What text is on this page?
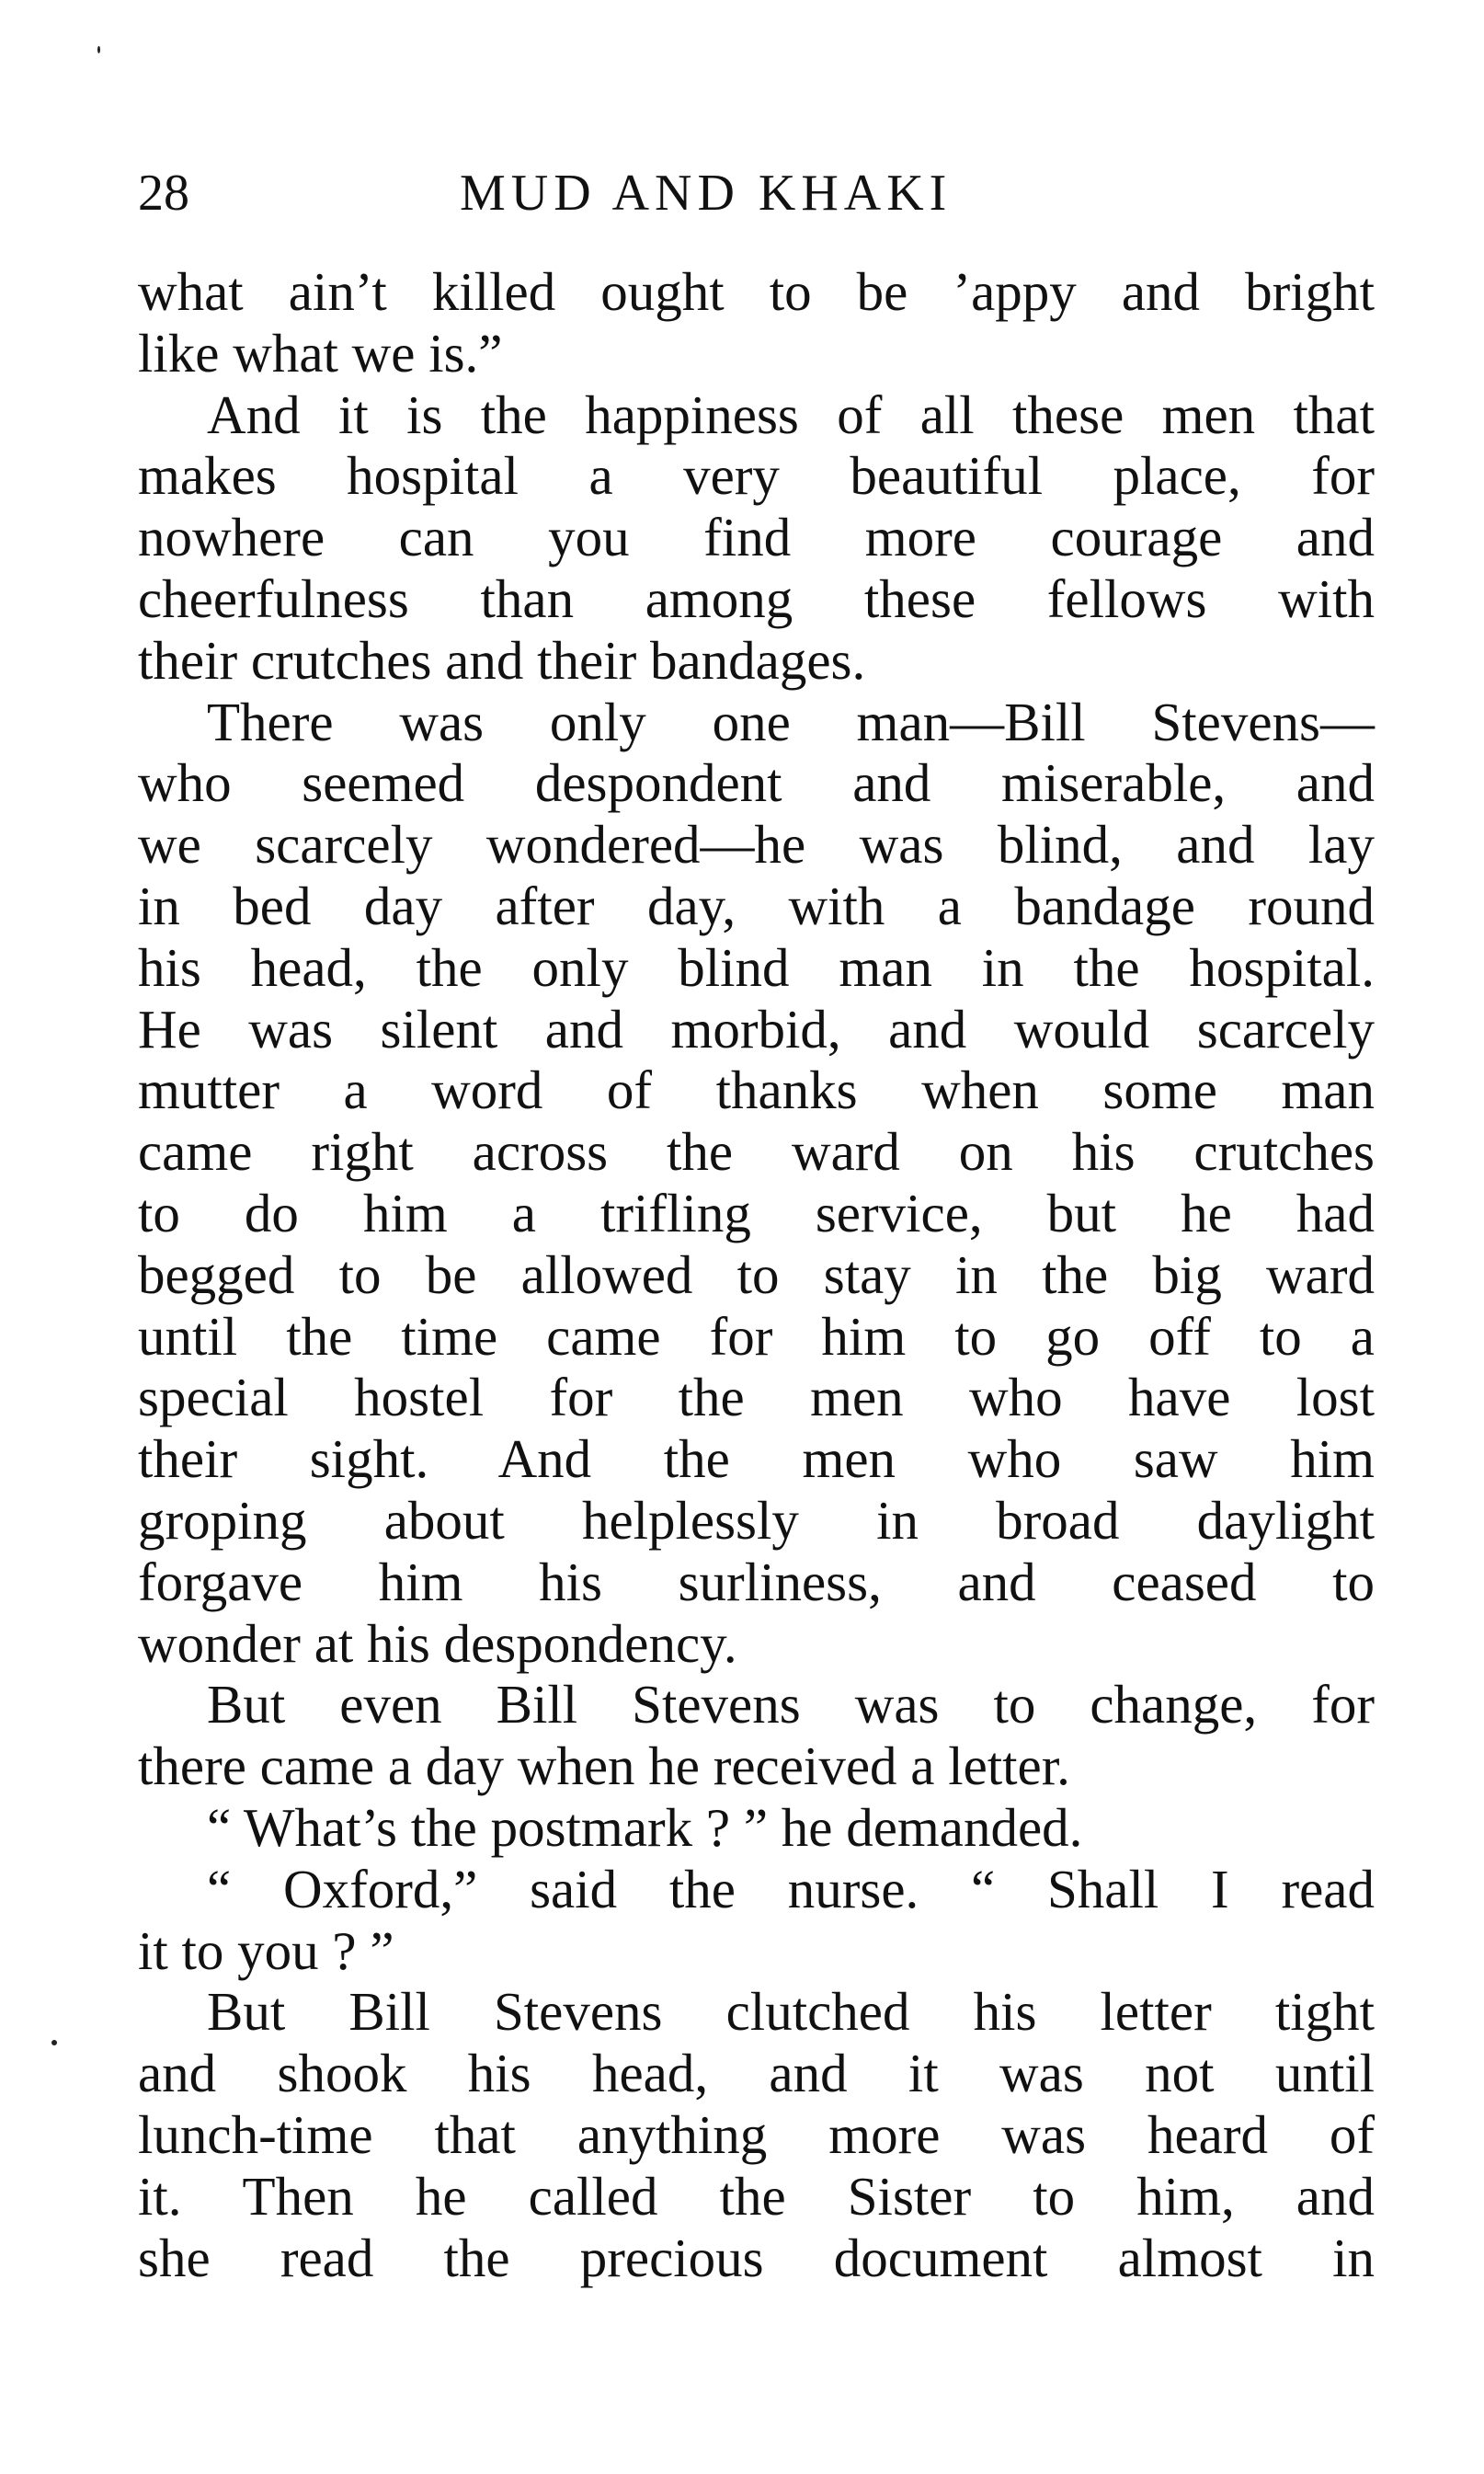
28	MUD AND KHAKI
what ain’t killed ought to be ’appy and bright
like what we is.”
And it is the happiness of all these men that
makes hospital a very beautiful place, for
nowhere can you find more courage and
cheerfulness than among these fellows with
their crutches and their bandages.
There was only one man—Bill Stevens—
who seemed despondent and miserable, and
we scarcely wondered—he was blind, and lay
in bed day after day, with a bandage round
his head, the only blind man in the hospital.
He was silent and morbid, and would scarcely
mutter a word of thanks when some man
came right across the ward on his crutches
to do him a trifling service, but he had
begged to be allowed to stay in the big ward
until the time came for him to go off to a
special hostel for the men who have lost
their sight. And the men who saw him
groping about helplessly in broad daylight
forgave him his surliness, and ceased to
wonder at his despondency.
But even Bill Stevens was to change, for
there came a day when he received a letter.
“ What’s the postmark ? ” he demanded.
“ Oxford,” said the nurse. “ Shall I read
it to you ? ”
But Bill Stevens clutched his letter tight
and shook his head, and it was not until
lunch-time that anything more was heard of
it. Then he called the Sister to him, and
she read the precious document almost in
